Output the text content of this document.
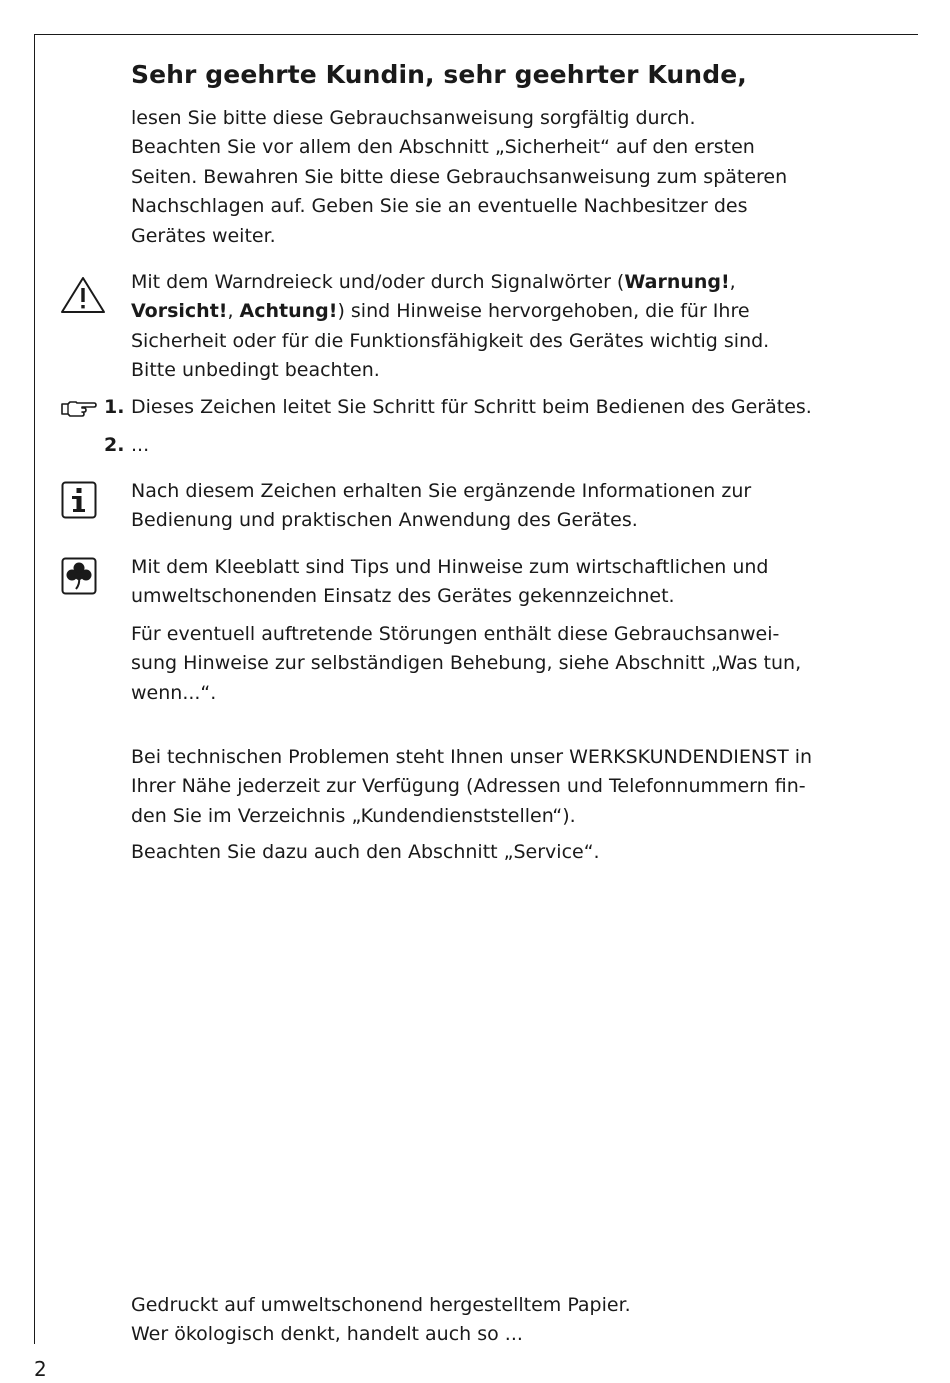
Sehr geehrte Kundin, sehr geehrter Kunde,

lesen Sie bitte diese Gebrauchsanweisung sorgfältig durch.

Beachten Sie vor allem den Abschnitt „Sicherheit“ auf den ersten

Seiten. Bewahren Sie bitte diese Gebrauchsanweisung zum späteren

Nachschlagen auf. Geben Sie sie an eventuelle Nachbesitzer des

Gerätes weiter.

Mit dem Warndreieck und/oder durch Signalwörter (Warnung!,

Vorsicht!, Achtung!) sind Hinweise hervorgehoben, die für Ihre

Sicherheit oder für die Funktionsfähigkeit des Gerätes wichtig sind.

Bitte unbedingt beachten.

1. Dieses Zeichen leitet Sie Schritt für Schritt beim Bedienen des Gerätes.

2. ...

Nach diesem Zeichen erhalten Sie ergänzende Informationen zur

Bedienung und praktischen Anwendung des Gerätes.

Mit dem Kleeblatt sind Tips und Hinweise zum wirtschaftlichen und

umweltschonenden Einsatz des Gerätes gekennzeichnet.

Für eventuell auftretende Störungen enthält diese Gebrauchsanwei-

sung Hinweise zur selbständigen Behebung, siehe Abschnitt „Was tun,

wenn...“.

Bei technischen Problemen steht Ihnen unser WERKSKUNDENDIENST in

Ihrer Nähe jederzeit zur Verfügung (Adressen und Telefonnummern fin-

den Sie im Verzeichnis „Kundendienststellen“).

Beachten Sie dazu auch den Abschnitt „Service“.

Gedruckt auf umweltschonend hergestelltem Papier.

Wer ökologisch denkt, handelt auch so ...

2
